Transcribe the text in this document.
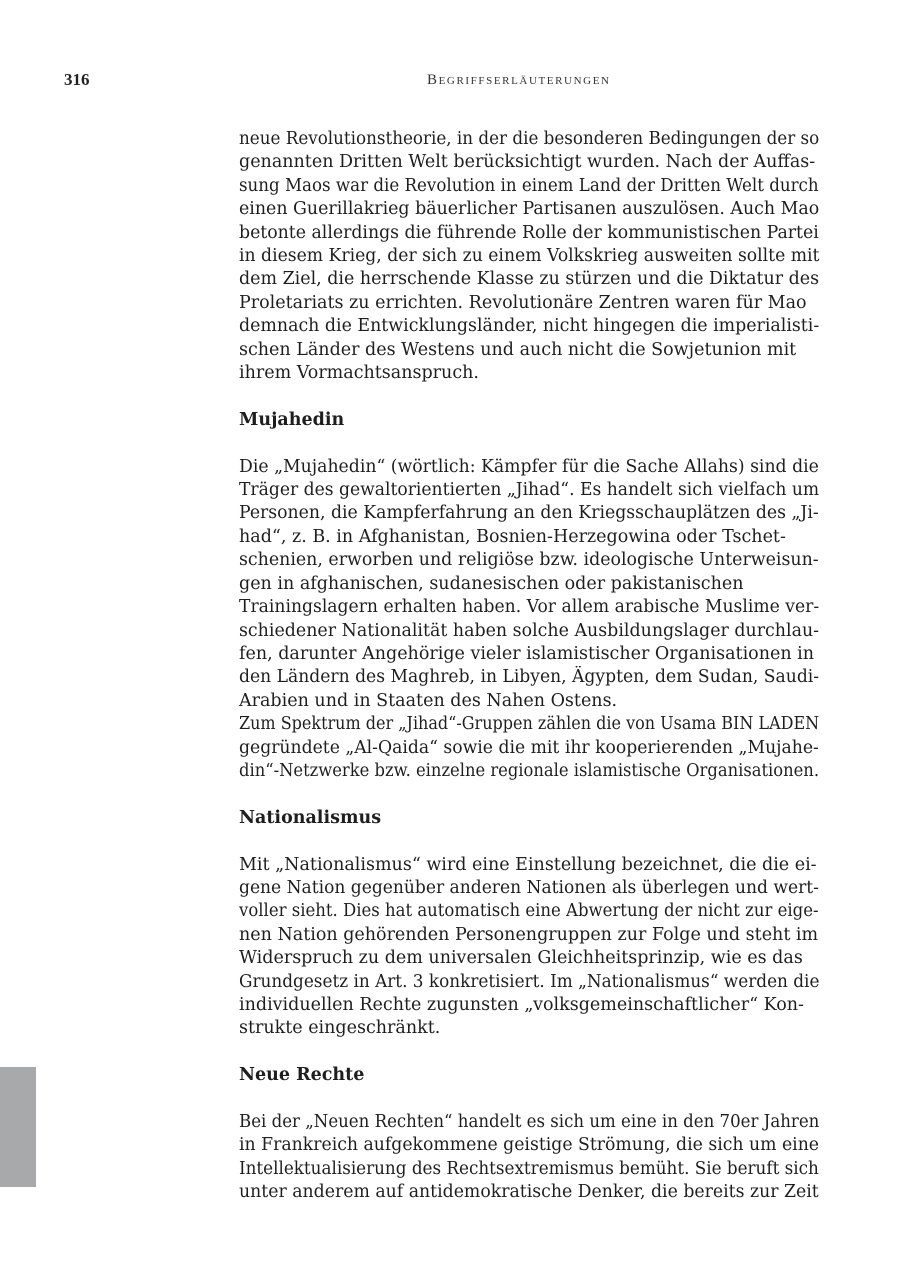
316	Begriffserläuterungen
neue Revolutionstheorie, in der die besonderen Bedingungen der so
genannten Dritten Welt berücksichtigt wurden. Nach der Auffas-
sung Maos war die Revolution in einem Land der Dritten Welt durch
einen Guerillakrieg bäuerlicher Partisanen auszulösen. Auch Mao
betonte allerdings die führende Rolle der kommunistischen Partei
in diesem Krieg, der sich zu einem Volkskrieg ausweiten sollte mit
dem Ziel, die herrschende Klasse zu stürzen und die Diktatur des
Proletariats zu errichten. Revolutionäre Zentren waren für Mao
demnach die Entwicklungsländer, nicht hingegen die imperialisti-
schen Länder des Westens und auch nicht die Sowjetunion mit
ihrem Vormachtsanspruch.
Mujahedin
Die „Mujahedin“ (wörtlich: Kämpfer für die Sache Allahs) sind die
Träger des gewaltorientierten „Jihad“. Es handelt sich vielfach um
Personen, die Kampferfahrung an den Kriegsschauplätzen des „Ji-
had“, z. B. in Afghanistan, Bosnien-Herzegowina oder Tschet-
schenien, erworben und religiöse bzw. ideologische Unterweisun-
gen in afghanischen, sudanesischen oder pakistanischen
Trainingslagern erhalten haben. Vor allem arabische Muslime ver-
schiedener Nationalität haben solche Ausbildungslager durchlau-
fen, darunter Angehörige vieler islamistischer Organisationen in
den Ländern des Maghreb, in Libyen, Ägypten, dem Sudan, Saudi-
Arabien und in Staaten des Nahen Ostens.
Zum Spektrum der „Jihad“-Gruppen zählen die von Usama BIN LADEN
gegründete „Al-Qaida“ sowie die mit ihr kooperierenden „Mujahe-
din“-Netzwerke bzw. einzelne regionale islamistische Organisationen.
Nationalismus
Mit „Nationalismus“ wird eine Einstellung bezeichnet, die die ei-
gene Nation gegenüber anderen Nationen als überlegen und wert-
voller sieht. Dies hat automatisch eine Abwertung der nicht zur eige-
nen Nation gehörenden Personengruppen zur Folge und steht im
Widerspruch zu dem universalen Gleichheitsprinzip, wie es das
Grundgesetz in Art. 3 konkretisiert. Im „Nationalismus“ werden die
individuellen Rechte zugunsten „volksgemeinschaftlicher“ Kon-
strukte eingeschränkt.
Neue Rechte
Bei der „Neuen Rechten“ handelt es sich um eine in den 70er Jahren
in Frankreich aufgekommene geistige Strömung, die sich um eine
Intellektualisierung des Rechtsextremismus bemüht. Sie beruft sich
unter anderem auf antidemokratische Denker, die bereits zur Zeit
